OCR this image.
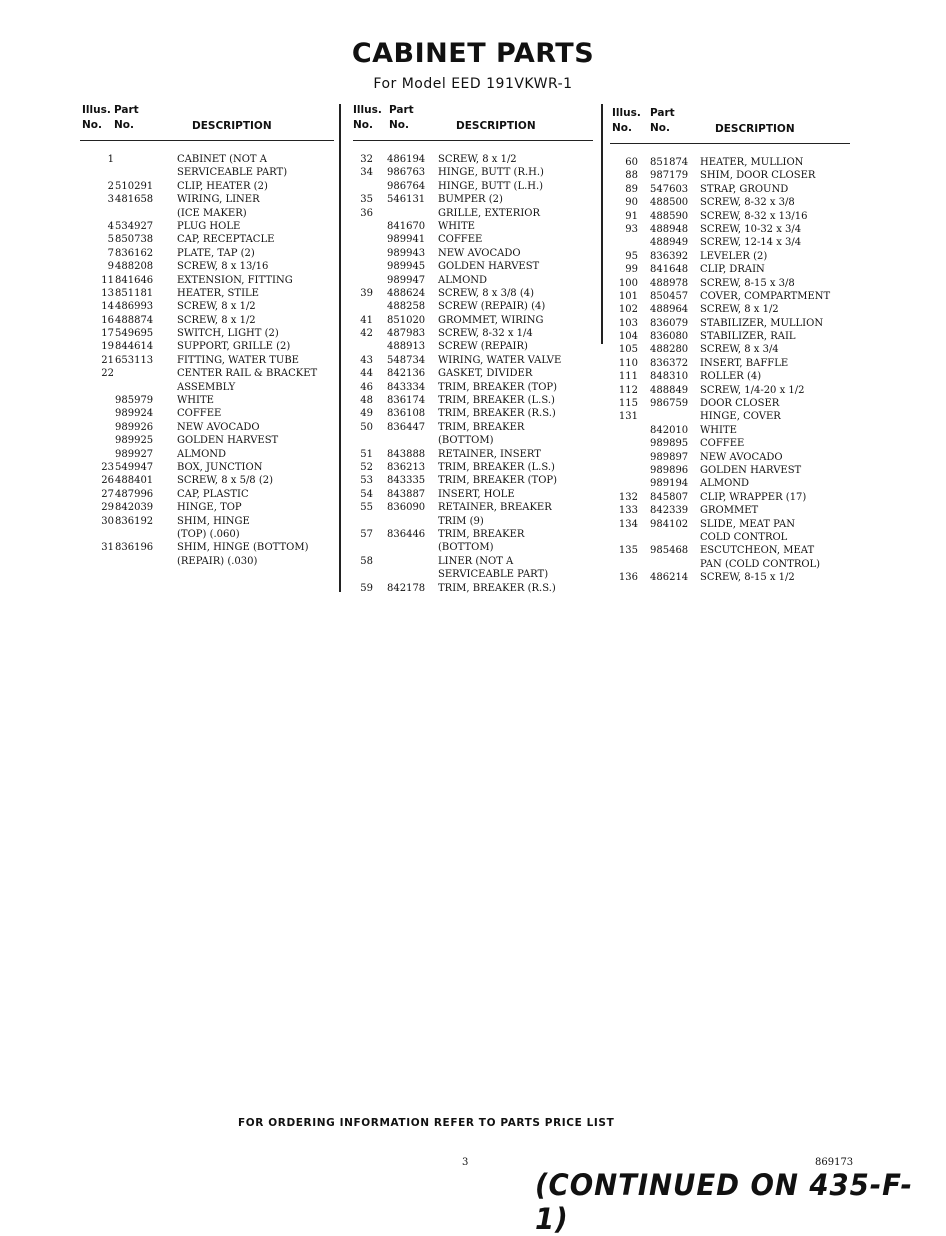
CABINET PARTS
For Model EED 191VKWR-1
Illus. Part
No. No.	DESCRIPTION
1	CABINET (NOT A
SERVICEABLE PART)
2 510291 CLIP, HEATER (2)
3 481658 WIRING, LINER
(ICE MAKER)
4 534927 PLUG HOLE
5 850738 CAP, RECEPTACLE
7 836162 PLATE, TAP (2)
9 488208 SCREW, 8 x 13/16
11 841646 EXTENSION, FITTING
13 851181 HEATER, STILE
14 486993 SCREW, 8 x 1/2
16 488874 SCREW, 8 x 1/2
17 549695 SWITCH, LIGHT (2)
19 844614 SUPPORT, GRILLE (2)
21 653113 FITTING, WATER TUBE
22	CENTER RAIL & BRACKET
ASSEMBLY
985979 WHITE
989924 COFFEE
989926 NEW AVOCADO
989925 GOLDEN HARVEST
989927 ALMOND
23 549947 BOX, JUNCTION
26 488401 SCREW, 8 x 5/8 (2)
27 487996 CAP, PLASTIC
29 842039 HINGE, TOP
30 836192 SHIM, HINGE
(TOP) (.060)
31 836196 SHIM, HINGE (BOTTOM)
(REPAIR) (.030)
Illus. Part
No. No.	DESCRIPTION
32 486194 SCREW, 8 x 1/2
34 986763 HINGE, BUTT (R.H.)
986764 HINGE, BUTT (L.H.)
35 546131 BUMPER (2)
36	GRILLE, EXTERIOR
841670 WHITE
989941 COFFEE
989943 NEW AVOCADO
989945 GOLDEN HARVEST
989947 ALMOND
39 488624 SCREW, 8 x 3/8 (4)
488258 SCREW (REPAIR) (4)
41 851020 GROMMET, WIRING
42 487983 SCREW, 8-32 x 1/4
488913 SCREW (REPAIR)
43 548734 WIRING, WATER VALVE
44 842136 GASKET, DIVIDER
46 843334 TRIM, BREAKER (TOP)
48 836174 TRIM, BREAKER (L.S.)
49 836108 TRIM, BREAKER (R.S.)
50 836447 TRIM, BREAKER
(BOTTOM)
51 843888 RETAINER, INSERT
52 836213 TRIM, BREAKER (L.S.)
53 843335 TRIM, BREAKER (TOP)
54 843887 INSERT, HOLE
55 836090 RETAINER, BREAKER
TRIM (9)
57 836446 TRIM, BREAKER
(BOTTOM)
58	LINER (NOT A
SERVICEABLE PART)
59 842178 TRIM, BREAKER (R.S.)
Illus. Part
No. No.	DESCRIPTION
60 851874 HEATER, MULLION
88 987179 SHIM, DOOR CLOSER
89 547603 STRAP, GROUND
90 488500 SCREW, 8-32 x 3/8
91 488590 SCREW, 8-32 x 13/16
93 488948 SCREW, 10-32 x 3/4
488949 SCREW, 12-14 x 3/4
95 836392 LEVELER (2)
99 841648 CLIP, DRAIN
100 488978 SCREW, 8-15 x 3/8
101 850457 COVER, COMPARTMENT
102 488964 SCREW, 8 x 1/2
103 836079 STABILIZER, MULLION
104 836080 STABILIZER, RAIL
105 488280 SCREW, 8 x 3/4
110 836372 INSERT, BAFFLE
111 848310 ROLLER (4)
112 488849 SCREW, 1/4-20 x 1/2
115 986759 DOOR CLOSER
131	HINGE, COVER
842010 WHITE
989895 COFFEE
989897 NEW AVOCADO
989896 GOLDEN HARVEST
989194 ALMOND
132 845807 CLIP, WRAPPER (17)
133 842339 GROMMET
134 984102 SLIDE, MEAT PAN
COLD CONTROL
135 985468 ESCUTCHEON, MEAT
PAN (COLD CONTROL)
136 486214 SCREW, 8-15 x 1/2
FOR ORDERING INFORMATION REFER TO PARTS PRICE LIST
3	869173
(CONTINUED ON 435-F-1)
